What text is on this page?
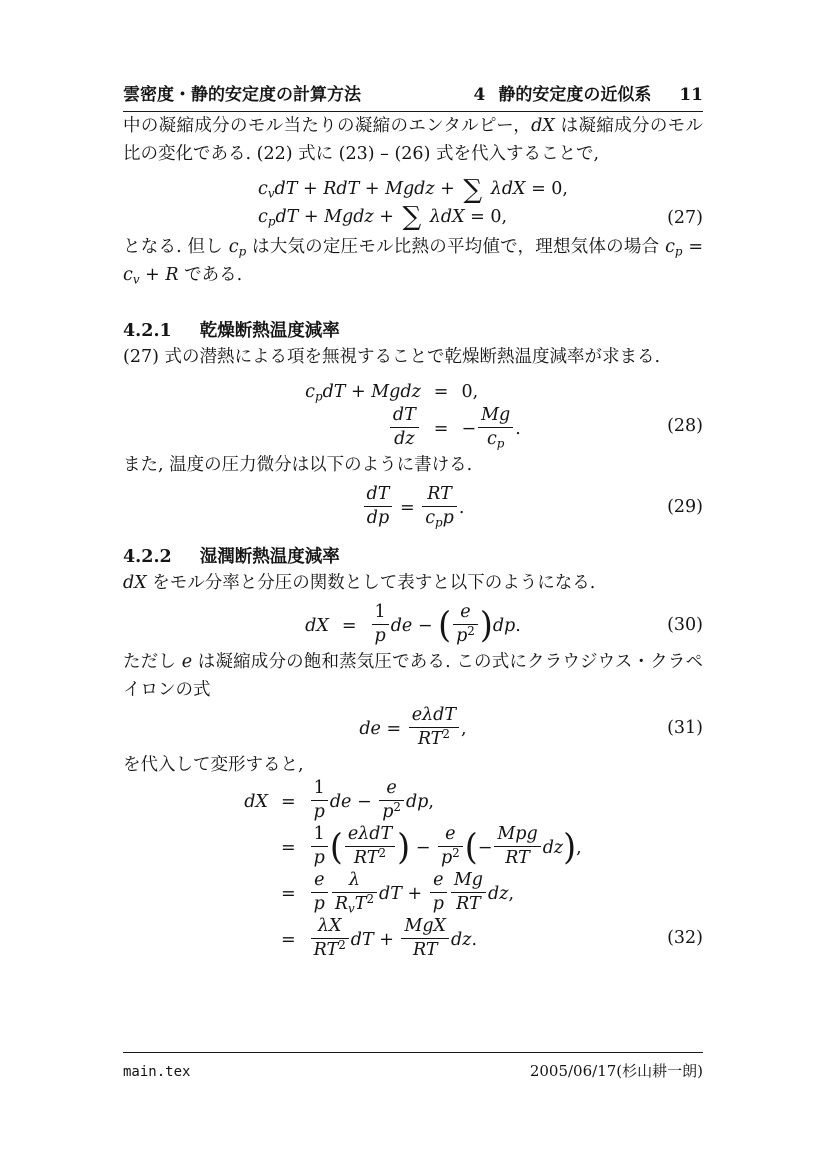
雲密度・静的安定度の計算方法	4 静的安定度の近似系 11

中の凝縮成分のモル当たりの凝縮のエンタルピー，dX は凝縮成分のモル比の変化である. (22) 式に (23) – (26) 式を代入することで,

$c_vdT$ + RdT + Mgdz + ∑ λdX = 0,
$c_pdT$ + Mgdz + ∑ λdX = 0,	(27)

となる. 但し $c_p$ は大気の定圧モル比熱の平均値で，理想気体の場合 $c_p = c_v + R$ である.

4.2.1 乾燥断熱温度減率

(27) 式の潜熱による項を無視することで乾燥断熱温度減率が求まる.

$c_pdT$ + Mgdz = 0,
$\frac{dT}{dz}$ = − $\frac{Mg}{c_p}$ .	(28)

また, 温度の圧力微分は以下のように書ける.

$\frac{dT}{dp}$ =
RT
$c_pp$ .	(29)
4.2.2 湿潤断熱温度減率

dX をモル分率と分圧の関数として表すと以下のようになる.

dX = $\frac{1}{p}$ de − ( $\frac{e}{p^2} )dp$.	(30)

ただし e は凝縮成分の飽和蒸気圧である. この式にクラウジウス・クラペイロンの式

de =
eλdT
$RT^2$ ,	(31)

を代入して変形すると,

dX = $\frac{1}{p}$ de − $\frac{e}{p^2}$ dp,
= $\frac{1}{p}$ ( eλdT
$RT^2$ ) − $\frac{e}{p^2}$ (−
Mpg
RT dz),
= $\frac{e}{p}$	λ
$R_vT^2$ dT + $\frac{e}{p} \frac{Mg}{RT}$ dz,
= $\frac{\lambda X}{RT^2}$ dT +
MgX
RT dz.	(32)
main.tex	2005/06/17(杉山耕一朗)
